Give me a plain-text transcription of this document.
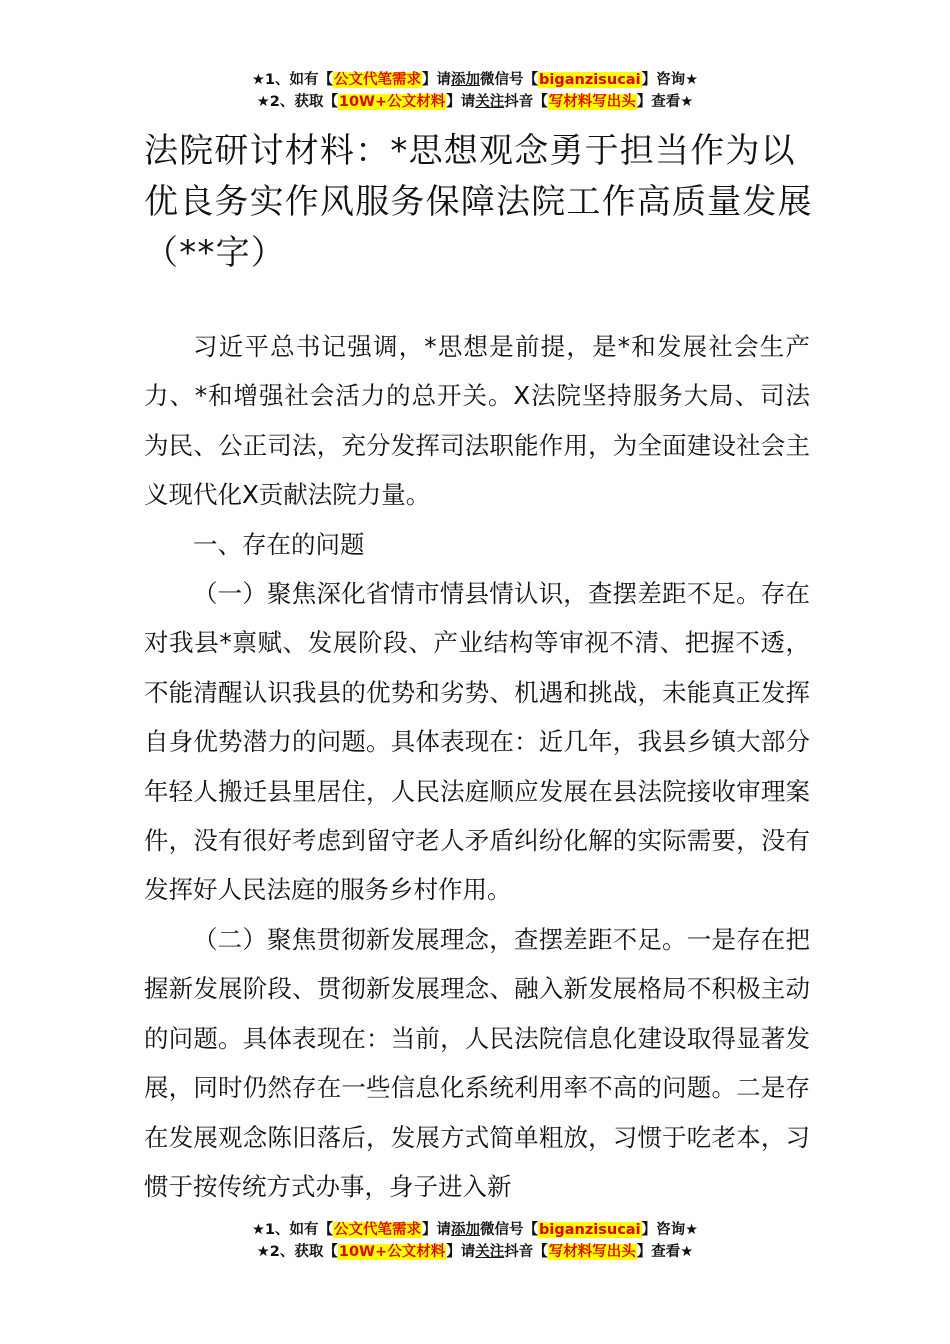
★1、如有【公文代笔需求】请添加微信号【biganzisucai】咨询★
★2、获取【10W+公文材料】请关注抖音【写材料写出头】查看★
法院研讨材料：*思想观念勇于担当作为以优良务实作风服务保障法院工作高质量发展（**字）

习近平总书记强调，*思想是前提，是*和发展社会生产力、*和增强社会活力的总开关。X法院坚持服务大局、司法为民、公正司法，充分发挥司法职能作用，为全面建设社会主义现代化X贡献法院力量。

一、存在的问题

（一）聚焦深化省情市情县情认识，查摆差距不足。存在对我县*禀赋、发展阶段、产业结构等审视不清、把握不透，不能清醒认识我县的优势和劣势、机遇和挑战，未能真正发挥自身优势潜力的问题。具体表现在：近几年，我县乡镇大部分年轻人搬迁县里居住，人民法庭顺应发展在县法院接收审理案件，没有很好考虑到留守老人矛盾纠纷化解的实际需要，没有发挥好人民法庭的服务乡村作用。

（二）聚焦贯彻新发展理念，查摆差距不足。一是存在把握新发展阶段、贯彻新发展理念、融入新发展格局不积极主动的问题。具体表现在：当前，人民法院信息化建设取得显著发展，同时仍然存在一些信息化系统利用率不高的问题。二是存在发展观念陈旧落后，发展方式简单粗放，习惯于吃老本，习惯于按传统方式办事，身子进入新

★1、如有【公文代笔需求】请添加微信号【biganzisucai】咨询★
★2、获取【10W+公文材料】请关注抖音【写材料写出头】查看★
